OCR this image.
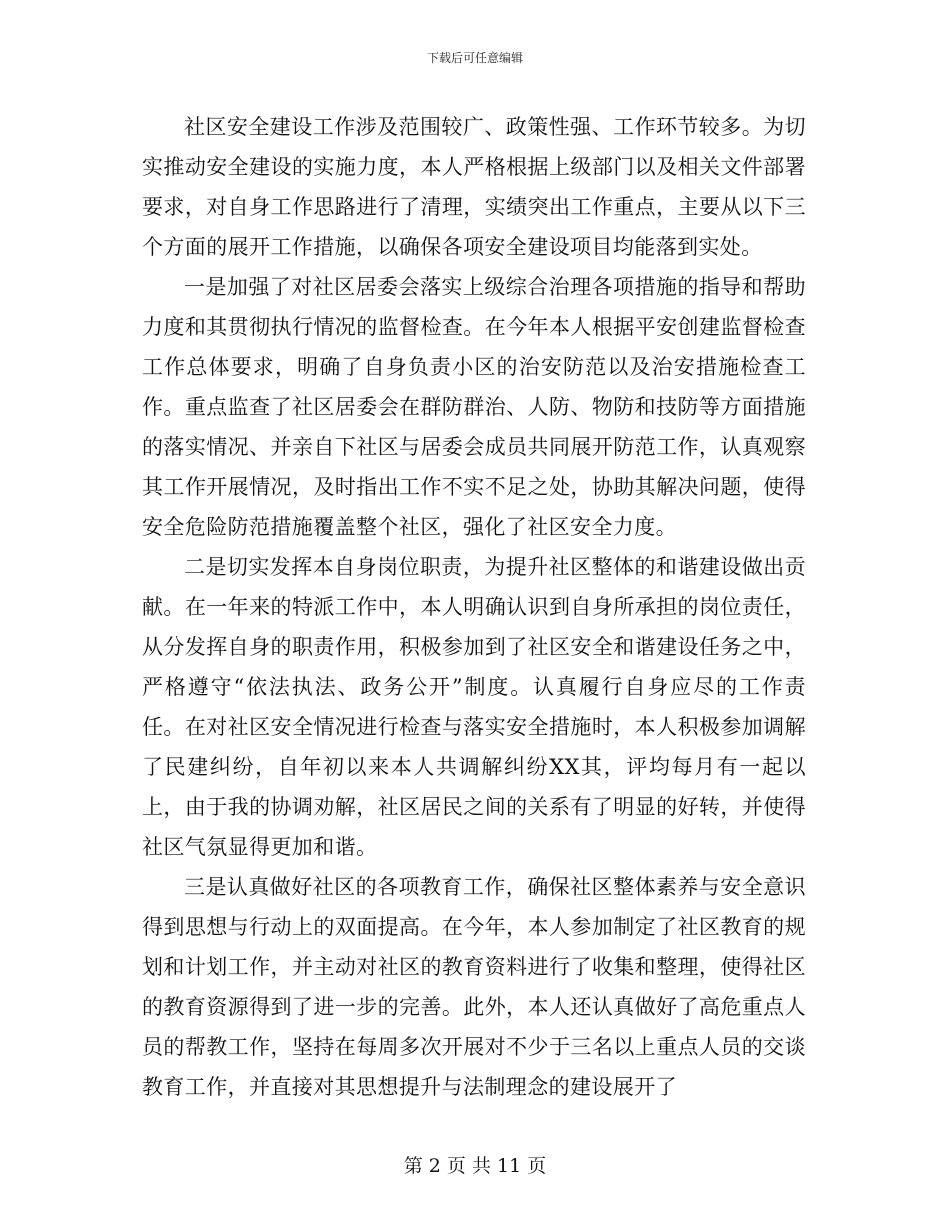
下载后可任意编辑

社区安全建设工作涉及范围较广、政策性强、工作环节较多。为切实推动安全建设的实施力度，本人严格根据上级部门以及相关文件部署要求，对自身工作思路进行了清理，实绩突出工作重点，主要从以下三个方面的展开工作措施，以确保各项安全建设项目均能落到实处。

一是加强了对社区居委会落实上级综合治理各项措施的指导和帮助力度和其贯彻执行情况的监督检查。在今年本人根据平安创建监督检查工作总体要求，明确了自身负责小区的治安防范以及治安措施检查工作。重点监查了社区居委会在群防群治、人防、物防和技防等方面措施的落实情况、并亲自下社区与居委会成员共同展开防范工作，认真观察其工作开展情况，及时指出工作不实不足之处，协助其解决问题，使得安全危险防范措施覆盖整个社区，强化了社区安全力度。

二是切实发挥本自身岗位职责，为提升社区整体的和谐建设做出贡献。在一年来的特派工作中，本人明确认识到自身所承担的岗位责任，从分发挥自身的职责作用，积极参加到了社区安全和谐建设任务之中，严格遵守“依法执法、政务公开”制度。认真履行自身应尽的工作责任。在对社区安全情况进行检查与落实安全措施时，本人积极参加调解了民建纠纷，自年初以来本人共调解纠纷XX其，评均每月有一起以上，由于我的协调劝解，社区居民之间的关系有了明显的好转，并使得社区气氛显得更加和谐。

三是认真做好社区的各项教育工作，确保社区整体素养与安全意识得到思想与行动上的双面提高。在今年，本人参加制定了社区教育的规划和计划工作，并主动对社区的教育资料进行了收集和整理，使得社区的教育资源得到了进一步的完善。此外，本人还认真做好了高危重点人员的帮教工作，坚持在每周多次开展对不少于三名以上重点人员的交谈教育工作，并直接对其思想提升与法制理念的建设展开了

第 2 页 共 11 页
